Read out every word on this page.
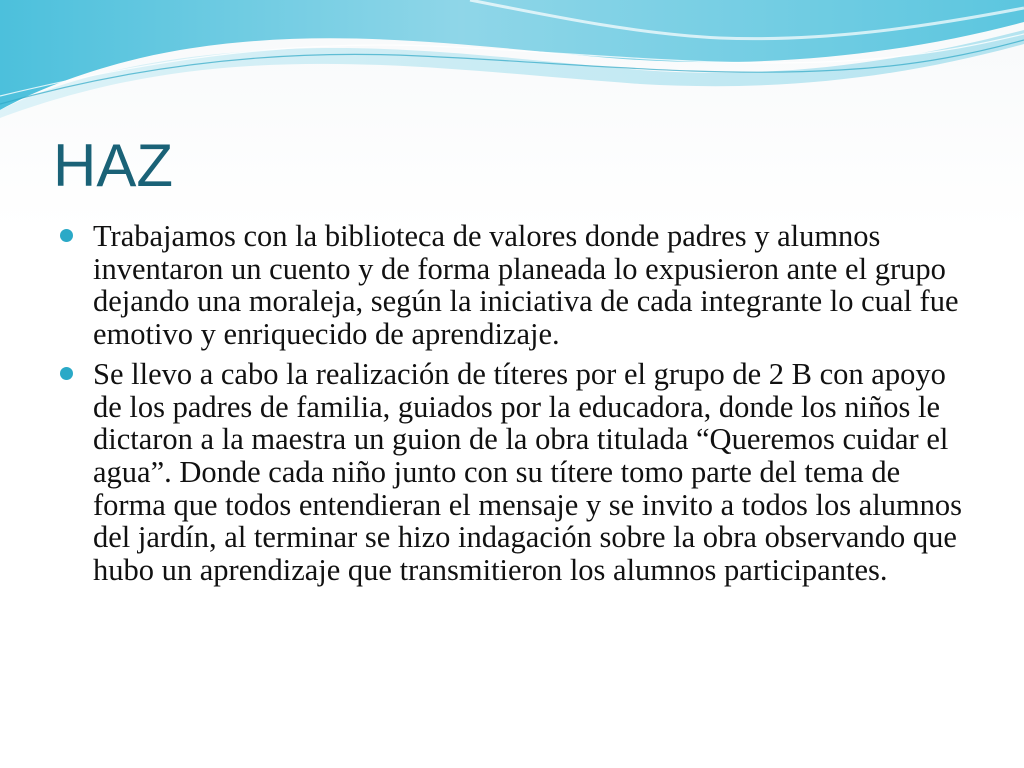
HAZ
Trabajamos con la biblioteca de valores donde padres y alumnos inventaron un cuento y de forma planeada lo expusieron ante el grupo dejando una moraleja, según la iniciativa de cada integrante lo cual fue emotivo y enriquecido de aprendizaje.
Se llevo a cabo la realización de títeres por el grupo de 2 B con apoyo de los padres de familia, guiados por la educadora, donde los niños le dictaron a la maestra un guion de la obra titulada “Queremos cuidar el agua”. Donde cada niño junto con su títere tomo parte del tema de forma que todos entendieran el mensaje y se invito a todos los alumnos del jardín, al terminar se hizo indagación sobre la obra observando que hubo un aprendizaje que transmitieron los alumnos participantes.
